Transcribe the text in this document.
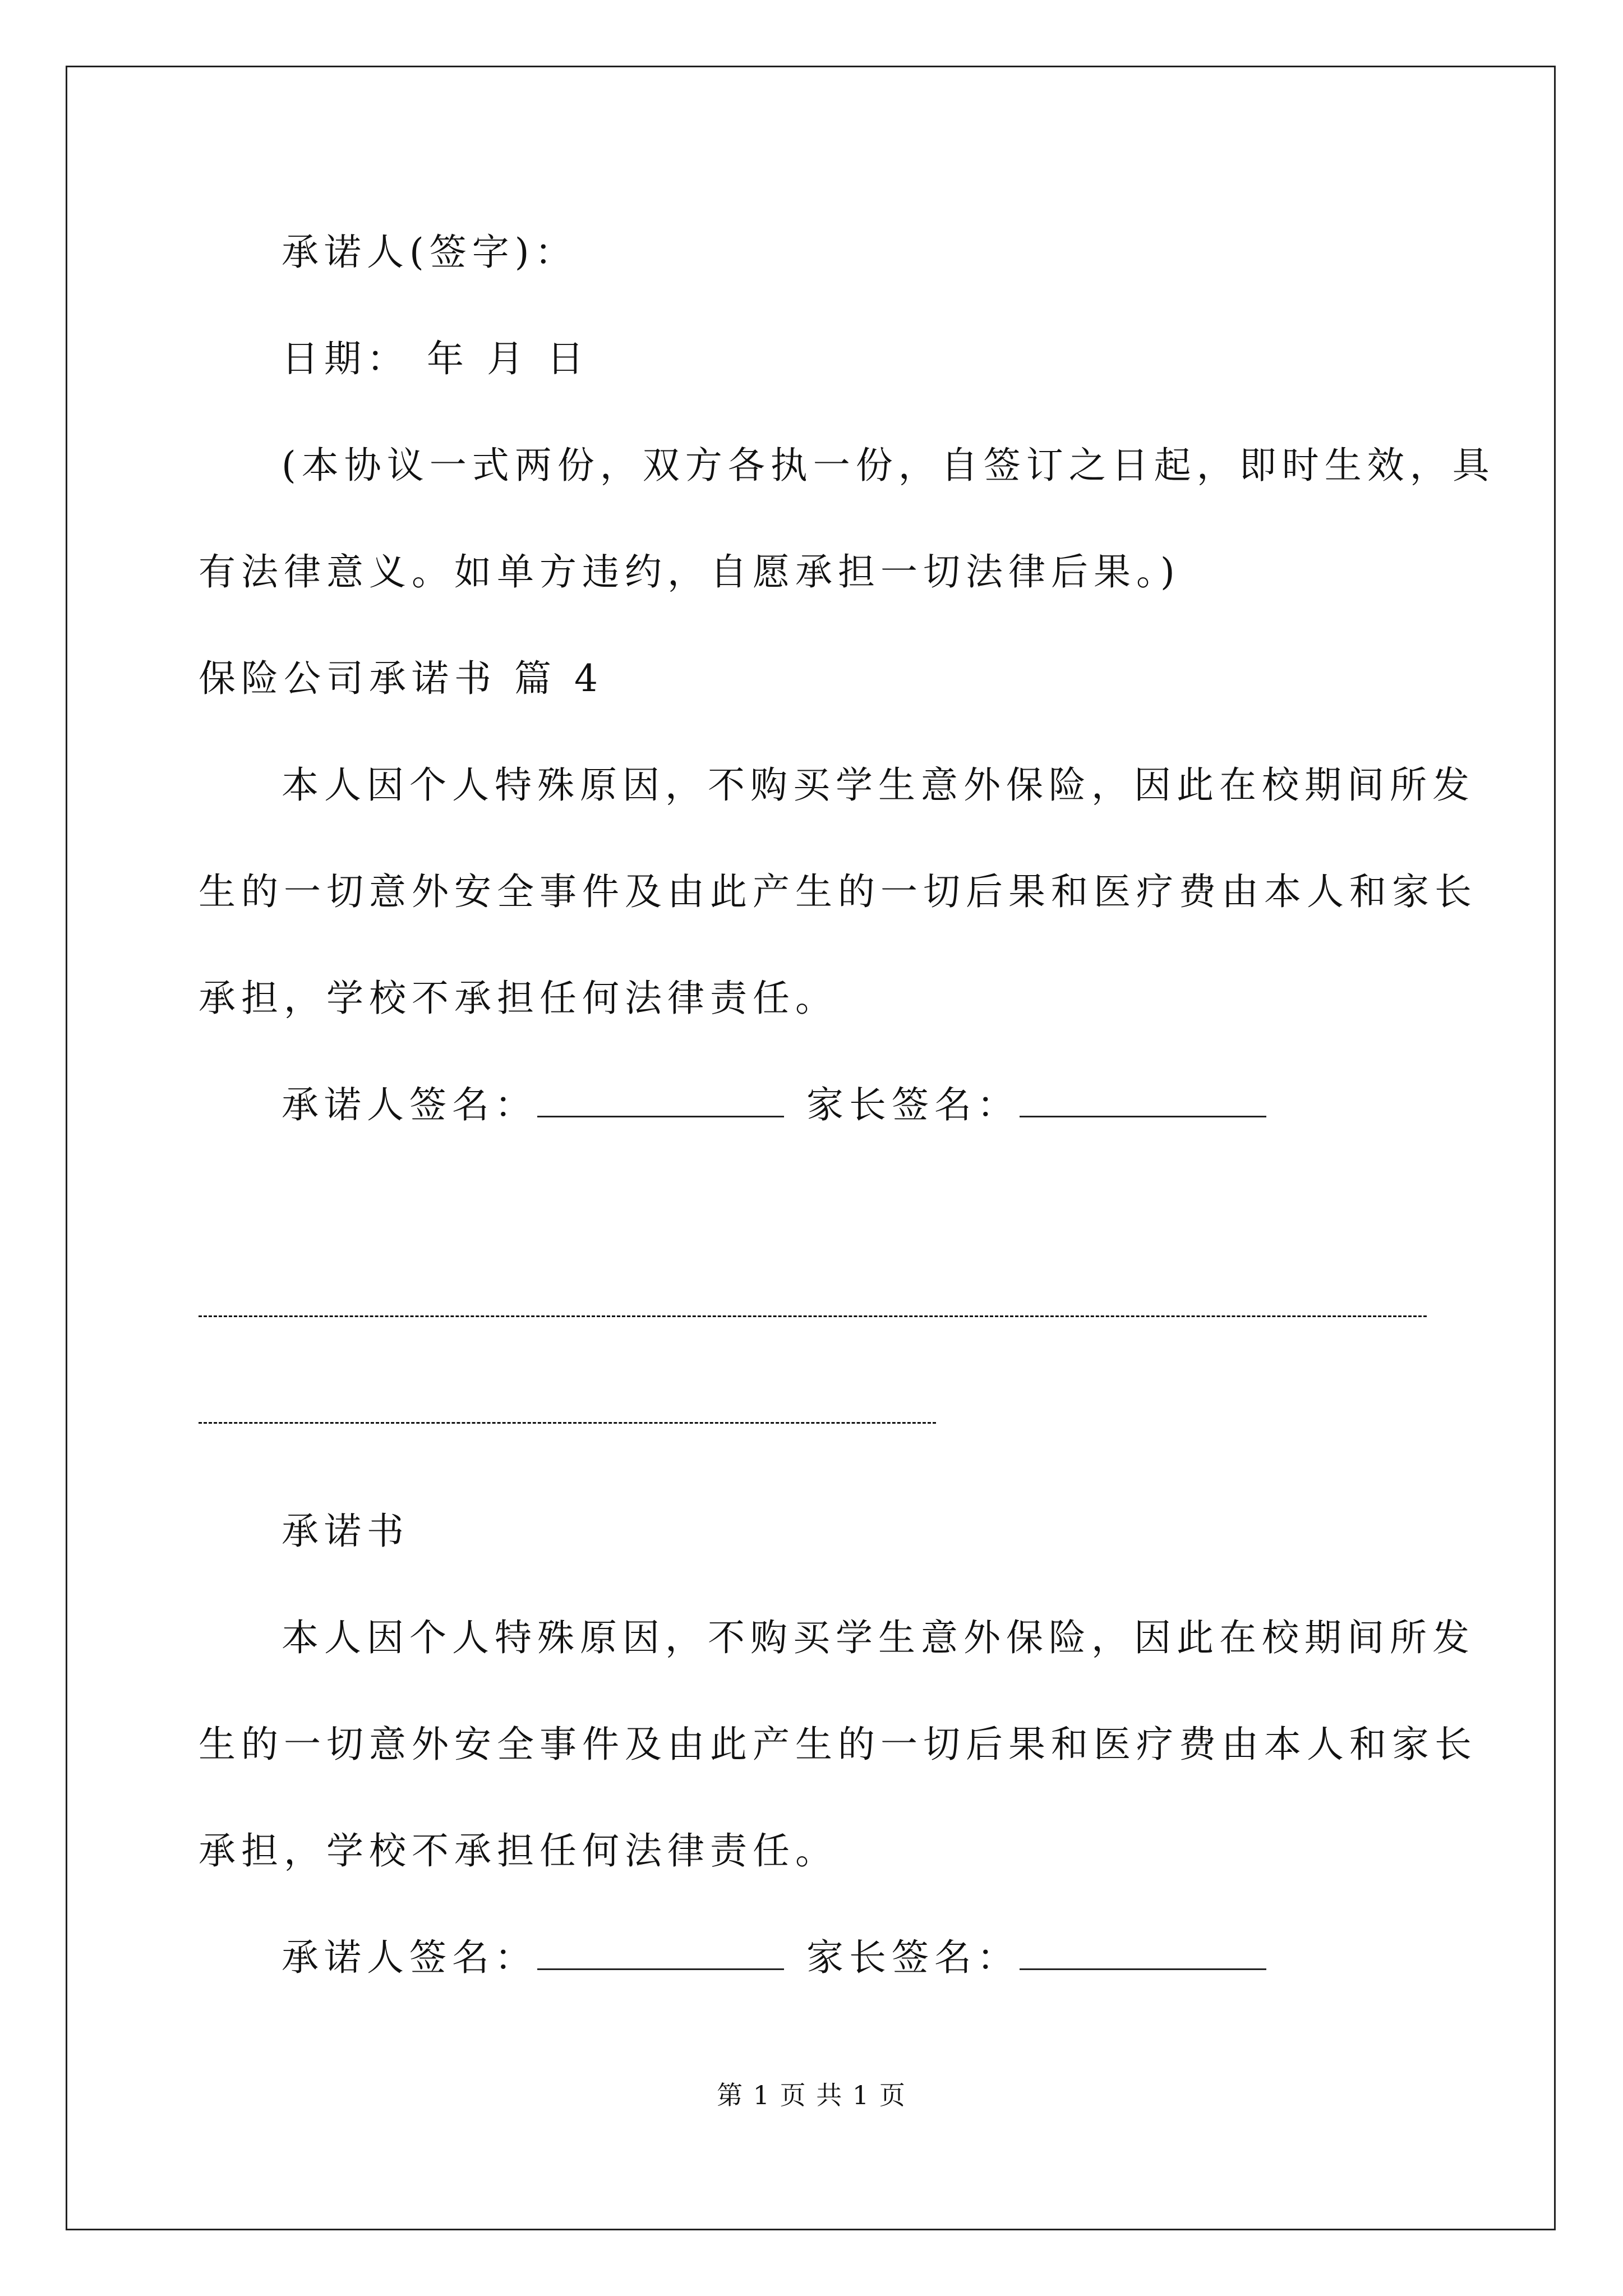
承诺人(签字)：
日期： 年 月 日
(本协议一式两份，双方各执一份，自签订之日起，即时生效，具
有法律意义。如单方违约，自愿承担一切法律后果。)
保险公司承诺书 篇 4
本人因个人特殊原因，不购买学生意外保险，因此在校期间所发
生的一切意外安全事件及由此产生的一切后果和医疗费由本人和家长
承担，学校不承担任何法律责任。
承诺人签名：	家长签名：
承诺书
本人因个人特殊原因，不购买学生意外保险，因此在校期间所发
生的一切意外安全事件及由此产生的一切后果和医疗费由本人和家长
承担，学校不承担任何法律责任。
承诺人签名：	家长签名：
第 1 页 共 1 页
